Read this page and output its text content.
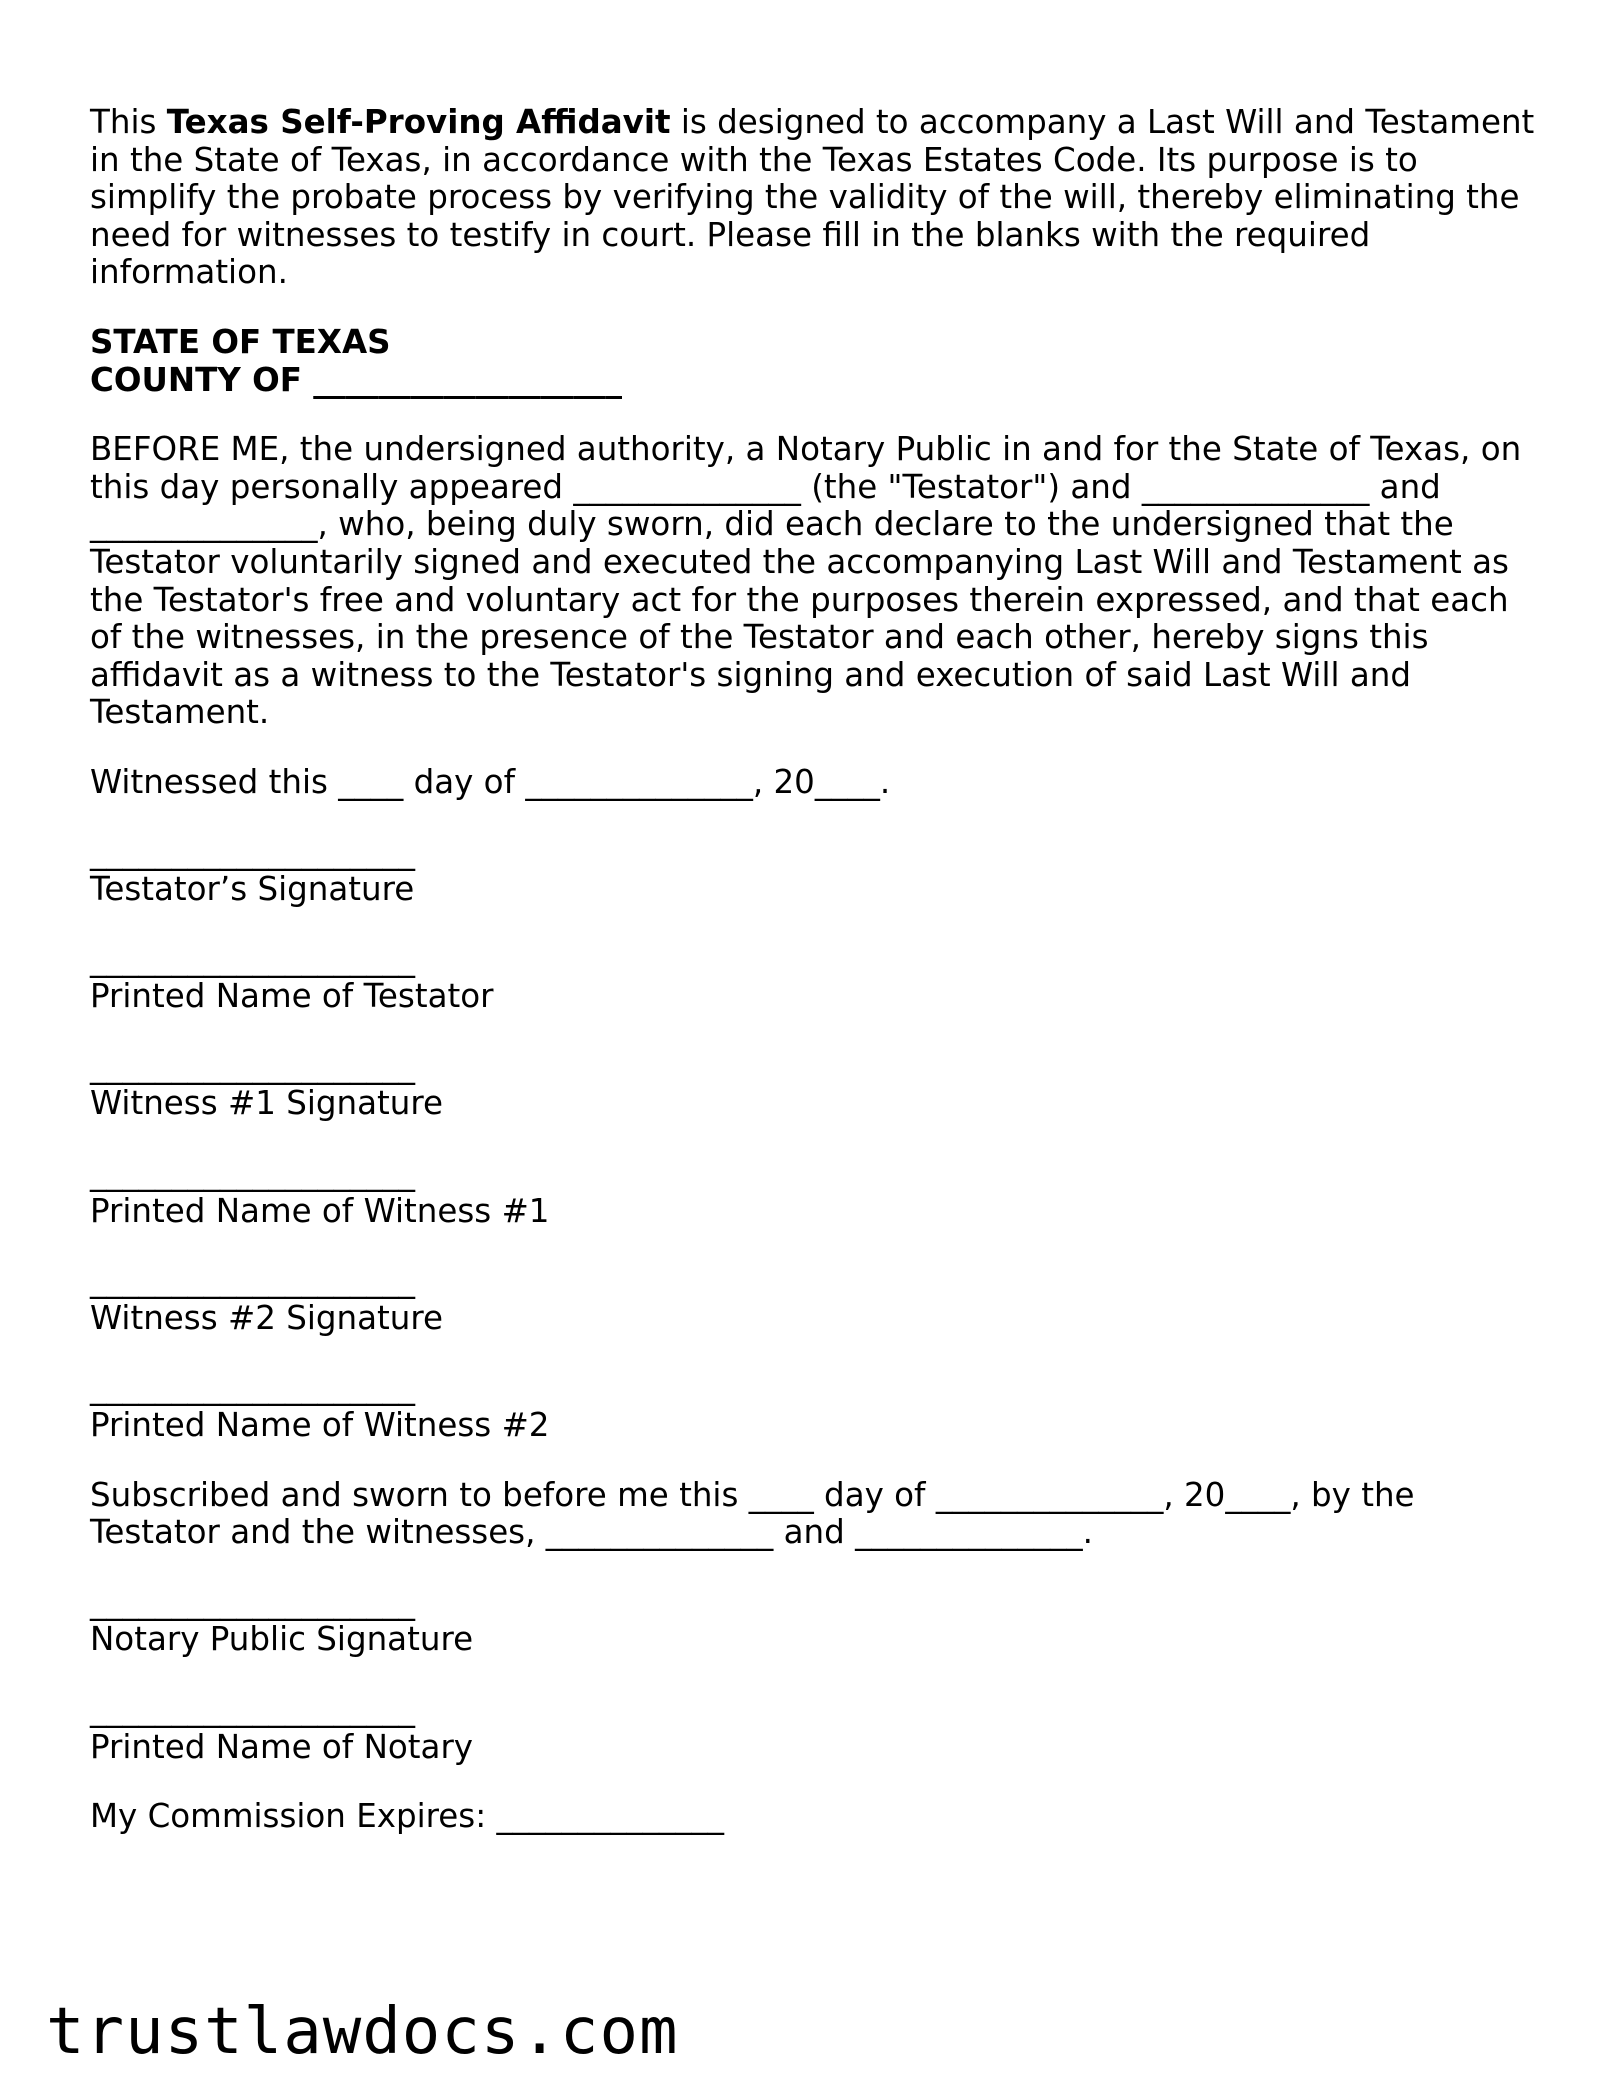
This Texas Self-Proving Affidavit is designed to accompany a Last Will and Testament in the State of Texas, in accordance with the Texas Estates Code. Its purpose is to simplify the probate process by verifying the validity of the will, thereby eliminating the need for witnesses to testify in court. Please fill in the blanks with the required information.

STATE OF TEXAS
COUNTY OF ___________________

BEFORE ME, the undersigned authority, a Notary Public in and for the State of Texas, on this day personally appeared ______________ (the "Testator") and ______________ and ______________, who, being duly sworn, did each declare to the undersigned that the Testator voluntarily signed and executed the accompanying Last Will and Testament as the Testator's free and voluntary act for the purposes therein expressed, and that each of the witnesses, in the presence of the Testator and each other, hereby signs this affidavit as a witness to the Testator's signing and execution of said Last Will and Testament.

Witnessed this ____ day of ______________, 20____.

____________________
Testator’s Signature
____________________
Printed Name of Testator
____________________
Witness #1 Signature
____________________
Printed Name of Witness #1
____________________
Witness #2 Signature
____________________
Printed Name of Witness #2

Subscribed and sworn to before me this ____ day of ______________, 20____, by the Testator and the witnesses, ______________ and ______________.

____________________
Notary Public Signature
____________________
Printed Name of Notary

My Commission Expires: ______________

trustlawdocs.com
